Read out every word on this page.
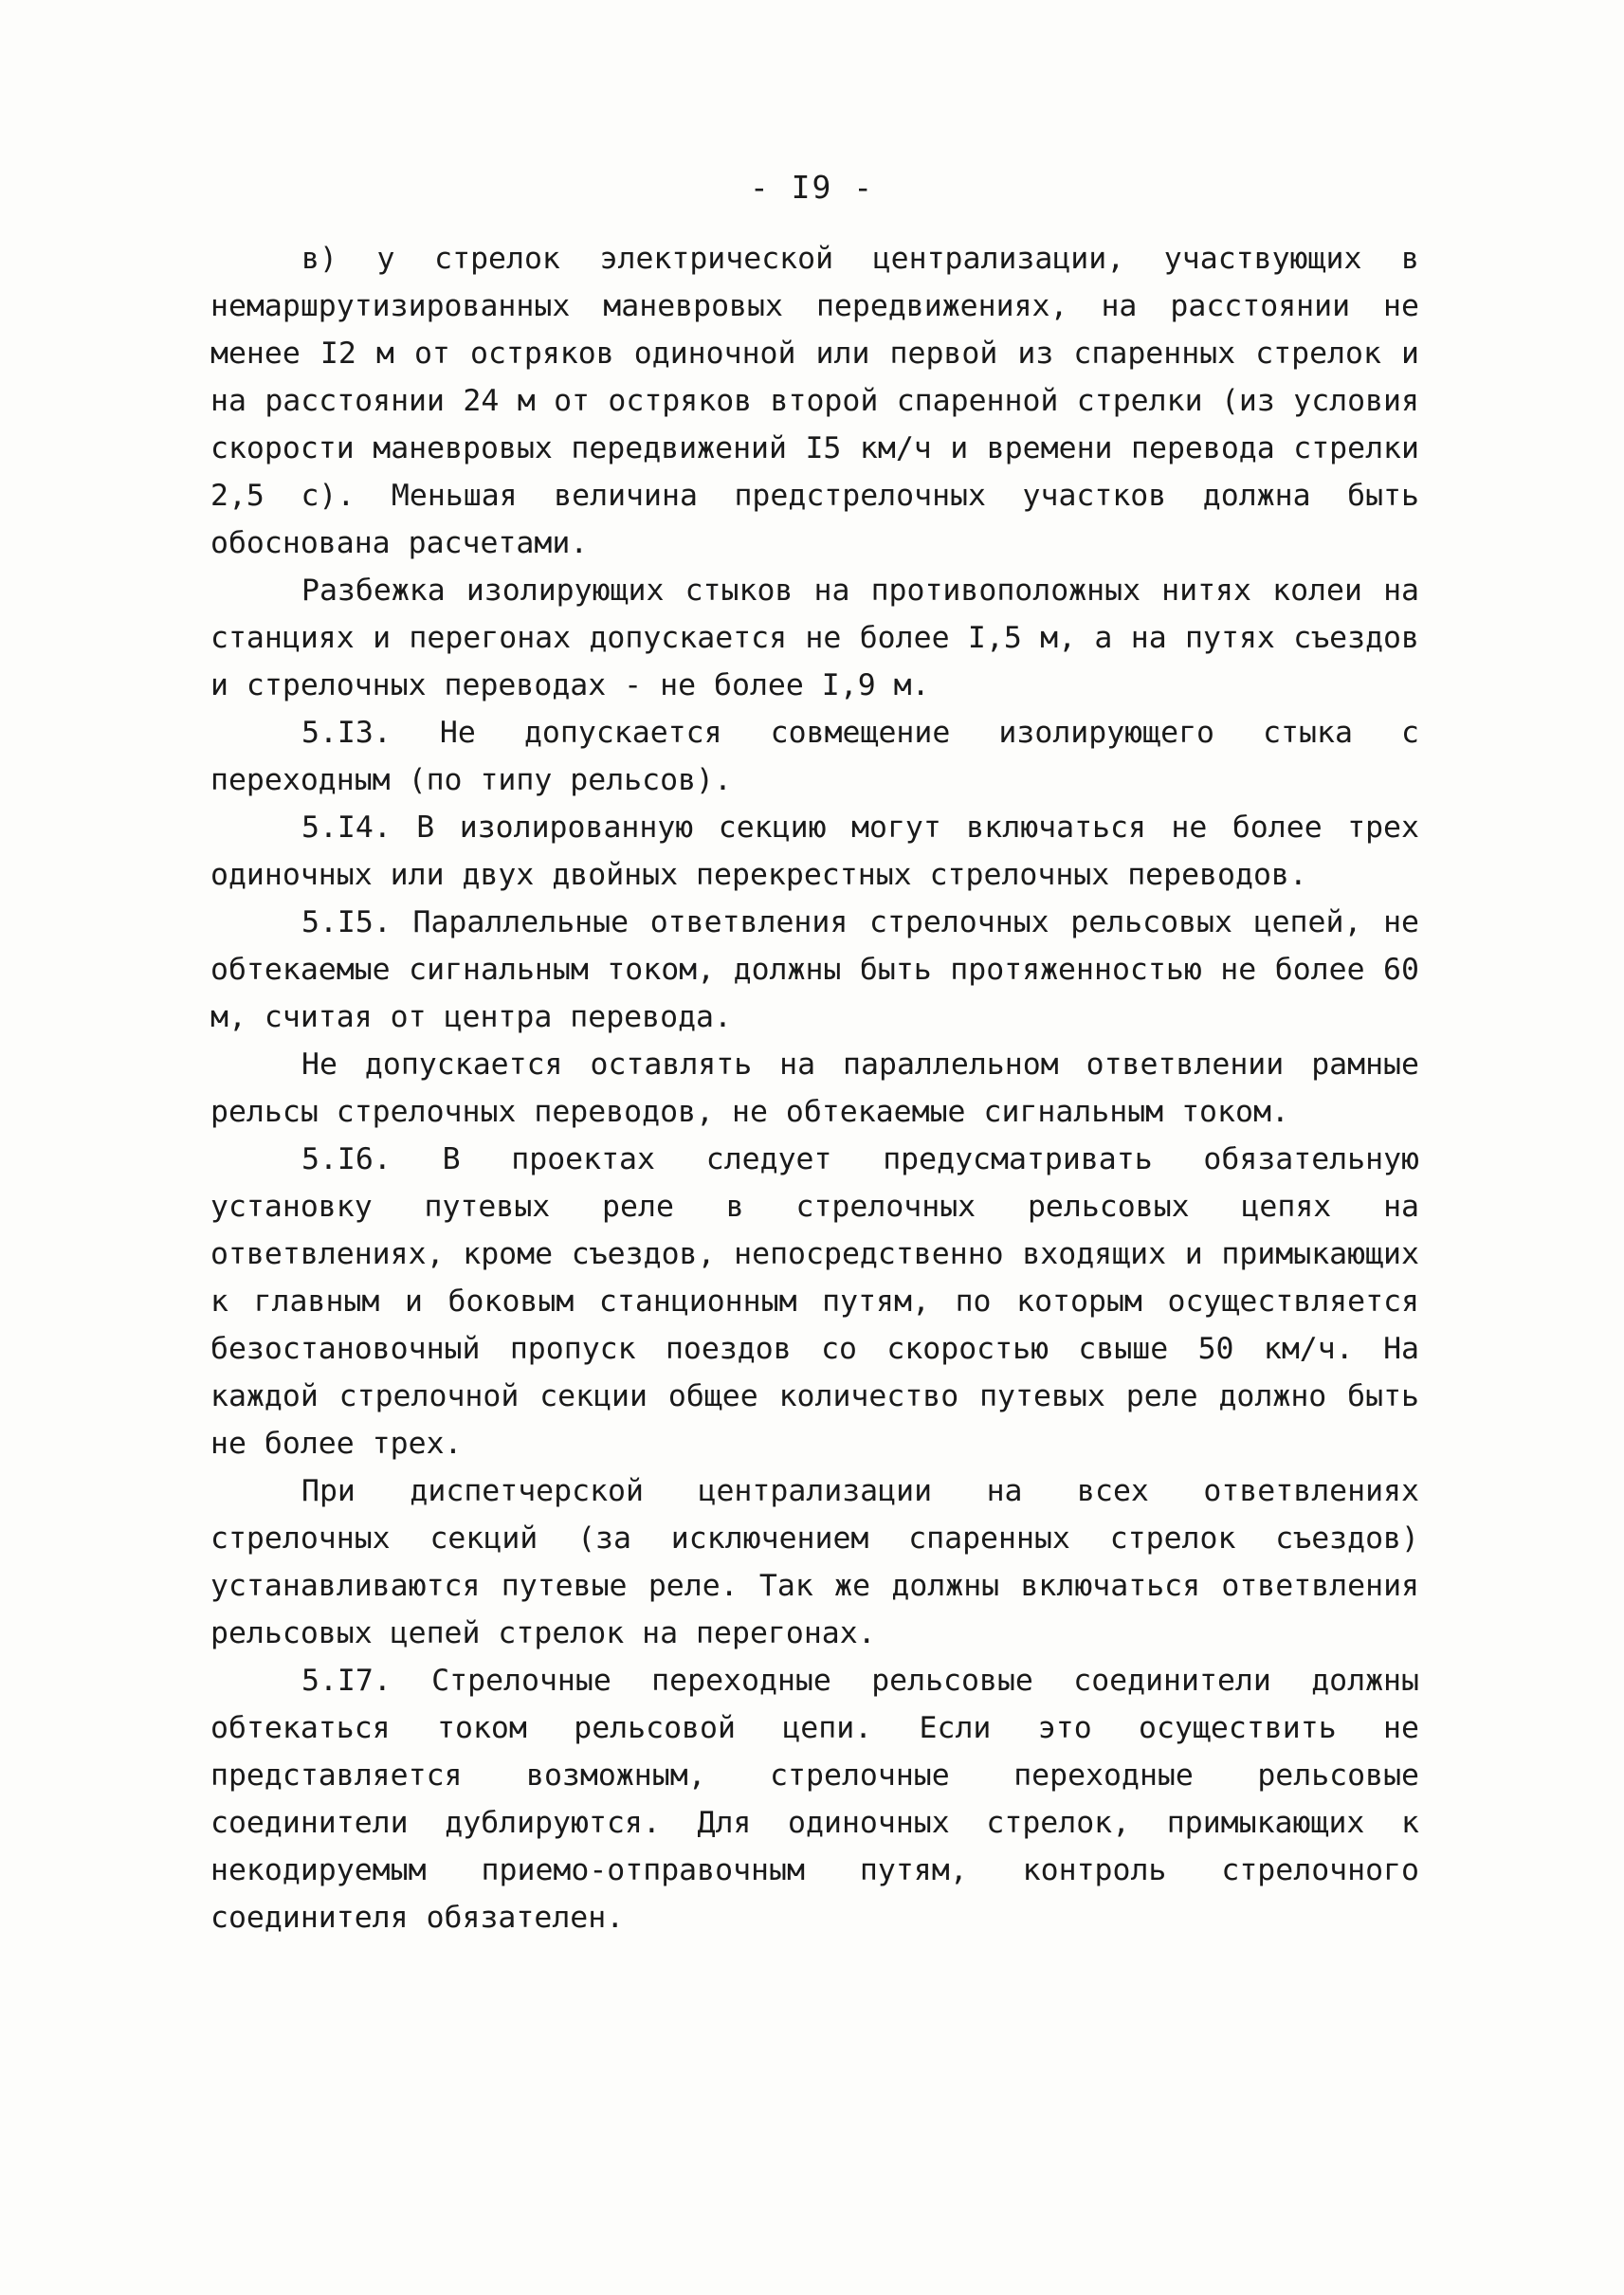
- I9 -

в) у стрелок электрической централизации, участвующих в немаршрутизированных маневровых передвижениях, на расстоянии не менее I2 м от остряков одиночной или первой из спаренных стрелок и на расстоянии 24 м от остряков второй спаренной стрелки (из условия скорости маневровых передвижений I5 км/ч и времени перевода стрелки 2,5 с). Меньшая величина предстрелочных участков должна быть обоснована расчетами.

Разбежка изолирующих стыков на противоположных нитях колеи на станциях и перегонах допускается не более I,5 м, а на путях съездов и стрелочных переводах - не более I,9 м.

5.I3. Не допускается совмещение изолирующего стыка с переходным (по типу рельсов).

5.I4. В изолированную секцию могут включаться не более трех одиночных или двух двойных перекрестных стрелочных переводов.

5.I5. Параллельные ответвления стрелочных рельсовых цепей, не обтекаемые сигнальным током, должны быть протяженностью не более 60 м, считая от центра перевода.

Не допускается оставлять на параллельном ответвлении рамные рельсы стрелочных переводов, не обтекаемые сигнальным током.

5.I6. В проектах следует предусматривать обязательную установку путевых реле в стрелочных рельсовых цепях на ответвлениях, кроме съездов, непосредственно входящих и примыкающих к главным и боковым станционным путям, по которым осуществляется безостановочный пропуск поездов со скоростью свыше 50 км/ч. На каждой стрелочной секции общее количество путевых реле должно быть не более трех.

При диспетчерской централизации на всех ответвлениях стрелочных секций (за исключением спаренных стрелок съездов) устанавливаются путевые реле. Так же должны включаться ответвления рельсовых цепей стрелок на перегонах.

5.I7. Стрелочные переходные рельсовые соединители должны обтекаться током рельсовой цепи. Если это осуществить не представляется возможным, стрелочные переходные рельсовые соединители дублируются. Для одиночных стрелок, примыкающих к некодируемым приемо-отправочным путям, контроль стрелочного соединителя обязателен.
